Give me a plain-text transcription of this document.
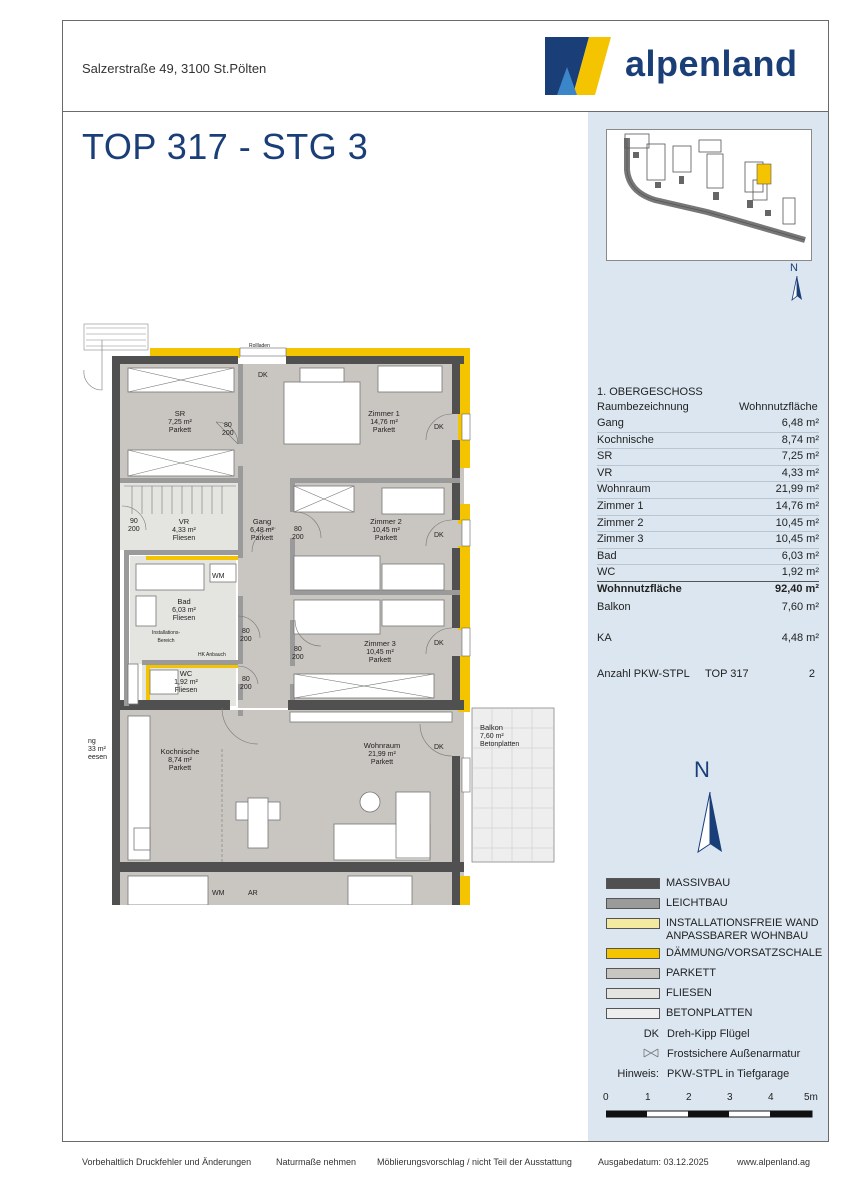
Salzerstraße 49, 3100 St.Pölten
TOP 317 - STG 3
alpenland
N
1. OBERGESCHOSS
Raumbezeichnung	Wohnnutzfläche
Gang	6,48 m²
Kochnische	8,74 m²
SR	7,25 m²
VR	4,33 m²
Wohnraum	21,99 m²
Zimmer 1	14,76 m²
Zimmer 2	10,45 m²
Zimmer 3	10,45 m²
Bad	6,03 m²
WC	1,92 m²
Wohnnutzfläche	92,40 m²
Balkon	7,60 m²
KA	4,48 m²
Anzahl PKW-STPL TOP 317	2
N
MASSIVBAU
LEICHTBAU
INSTALLATIONSFREIE WAND
ANPASSBARER WOHNBAU
DÄMMUNG/VORSATZSCHALE
PARKETT
FLIESEN
BETONPLATTEN
DK Dreh-Kipp Flügel
Frostsichere Außenarmatur
Hinweis: PKW-STPL in Tiefgarage
0	1	2	3	4	5m
Vorbehaltlich Druckfehler und Änderungen	Naturmaße nehmen Möblierungsvorschlag / nicht Teil der Ausstattung	Ausgabedatum: 03.12.2025	www.alpenland.ag
SR
7,25 m²
Parkett
Zimmer 1
14,76 m²
Parkett
VR
4,33 m²
Fliesen
Gang
6,48 m²
Parkett
Zimmer 2
10,45 m²
Parkett
Bad
6,03 m²
Fliesen
Zimmer 3
10,45 m²
Parkett
WC
1,92 m²
Fliesen
Kochnische
8,74 m²
Parkett
Wohnraum
21,99 m²
Parkett
Balkon
7,60 m²
Betonplatten
ng
33 m²
eesen
AR
Rollladen
DK
DK
DK
DK
DK
80
200
90
200	80
200
80
200
80
200
80
200
WM
WM
HK Anbauch
Installations-Bereich
